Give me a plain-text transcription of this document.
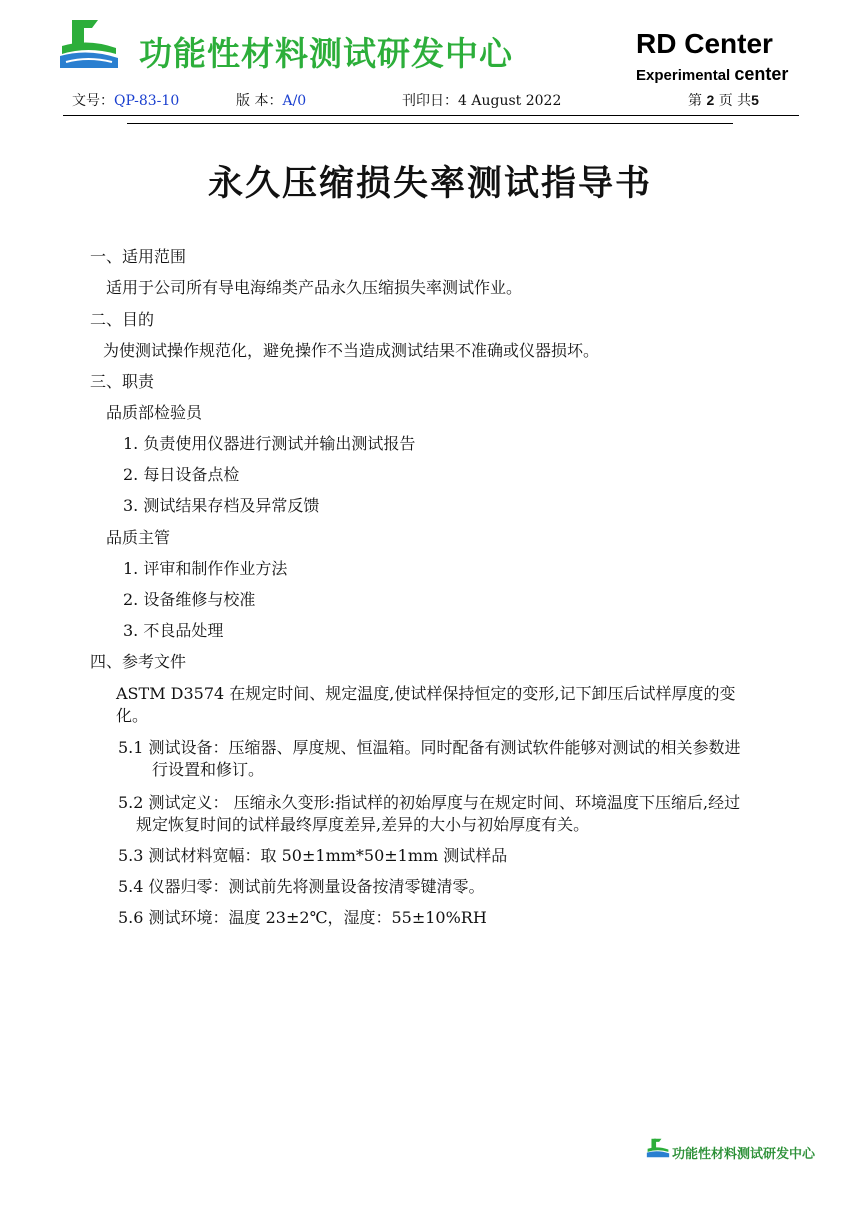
功能性材料测试研发中心	RD Center
Experimental center
文号：QP-83-10	版 本：A/0	刊印日：4 August 2022	第 2 页 共5
永久压缩损失率测试指导书
一、适用范围
适用于公司所有导电海绵类产品永久压缩损失率测试作业。
二、目的
为使测试操作规范化，避免操作不当造成测试结果不准确或仪器损坏。
三、职责
品质部检验员
1. 负责使用仪器进行测试并输出测试报告
2. 每日设备点检
3. 测试结果存档及异常反馈
品质主管
1. 评审和制作作业方法
2. 设备维修与校准
3. 不良品处理
四、参考文件
ASTM D3574 在规定时间、规定温度,使试样保持恒定的变形,记下卸压后试样厚度的变
化。
5.1 测试设备：压缩器、厚度规、恒温箱。同时配备有测试软件能够对测试的相关参数进
行设置和修订。
5.2 测试定义： 压缩永久变形:指试样的初始厚度与在规定时间、环境温度下压缩后,经过
规定恢复时间的试样最终厚度差异,差异的大小与初始厚度有关。
5.3 测试材料宽幅：取 50±1mm*50±1mm 测试样品
5.4 仪器归零：测试前先将测量设备按清零键清零。
5.6 测试环境：温度 23±2℃，湿度：55±10%RH
功能性材料测试研发中心
